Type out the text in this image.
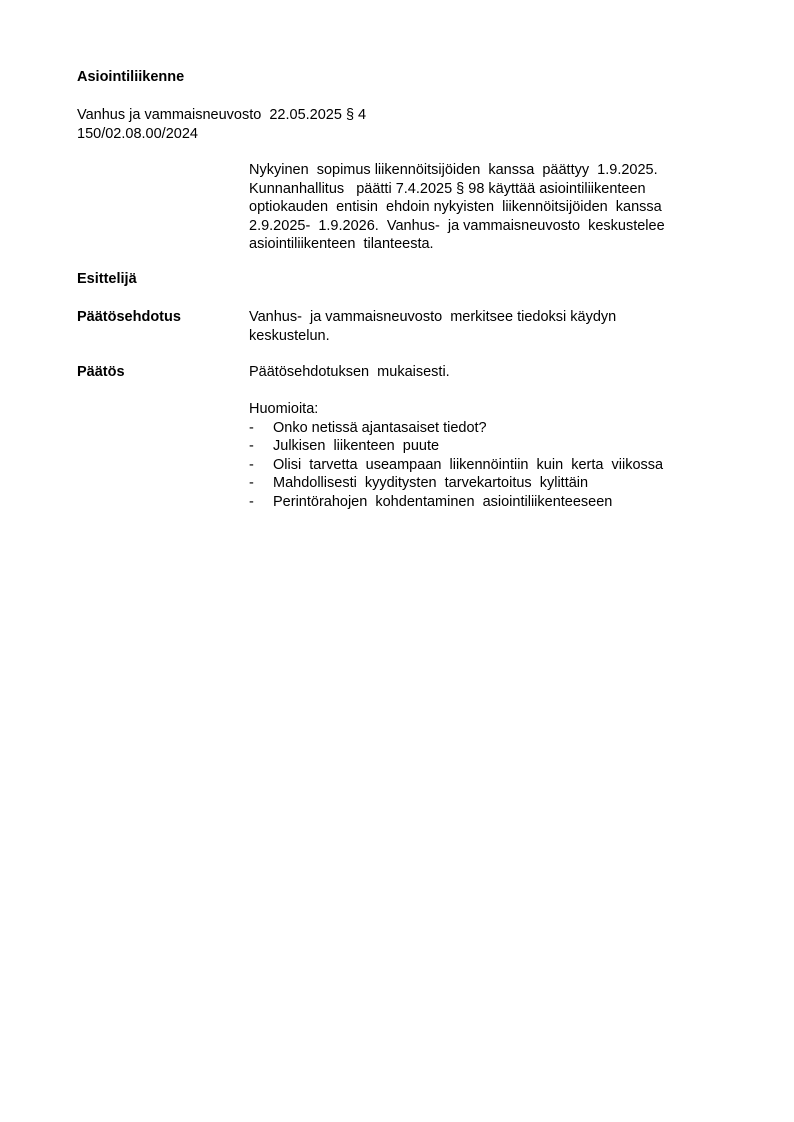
Asiointiliikenne
Vanhus ja vammaisneuvosto  22.05.2025 § 4
150/02.08.00/2024
Nykyinen  sopimus liikennöitsijöiden  kanssa  päättyy  1.9.2025.
Kunnanhallitus   päätti 7.4.2025 § 98 käyttää asiointiliikenteen
optiokauden  entisin  ehdoin nykyisten  liikennöitsijöiden  kanssa
2.9.2025-  1.9.2026.  Vanhus-  ja vammaisneuvosto  keskustelee
asiointiliikenteen  tilanteesta.
Esittelijä
Päätösehdotus	Vanhus-  ja vammaisneuvosto  merkitsee tiedoksi käydyn
keskustelun.
Päätös	Päätösehdotuksen  mukaisesti.
Huomioita:
- Onko netissä ajantasaiset tiedot?
- Julkisen  liikenteen  puute
- Olisi  tarvetta  useampaan  liikennöintiin  kuin  kerta  viikossa
- Mahdollisesti  kyyditysten  tarvekartoitus  kylittäin
- Perintörahojen  kohdentaminen  asiointiliikenteeseen
